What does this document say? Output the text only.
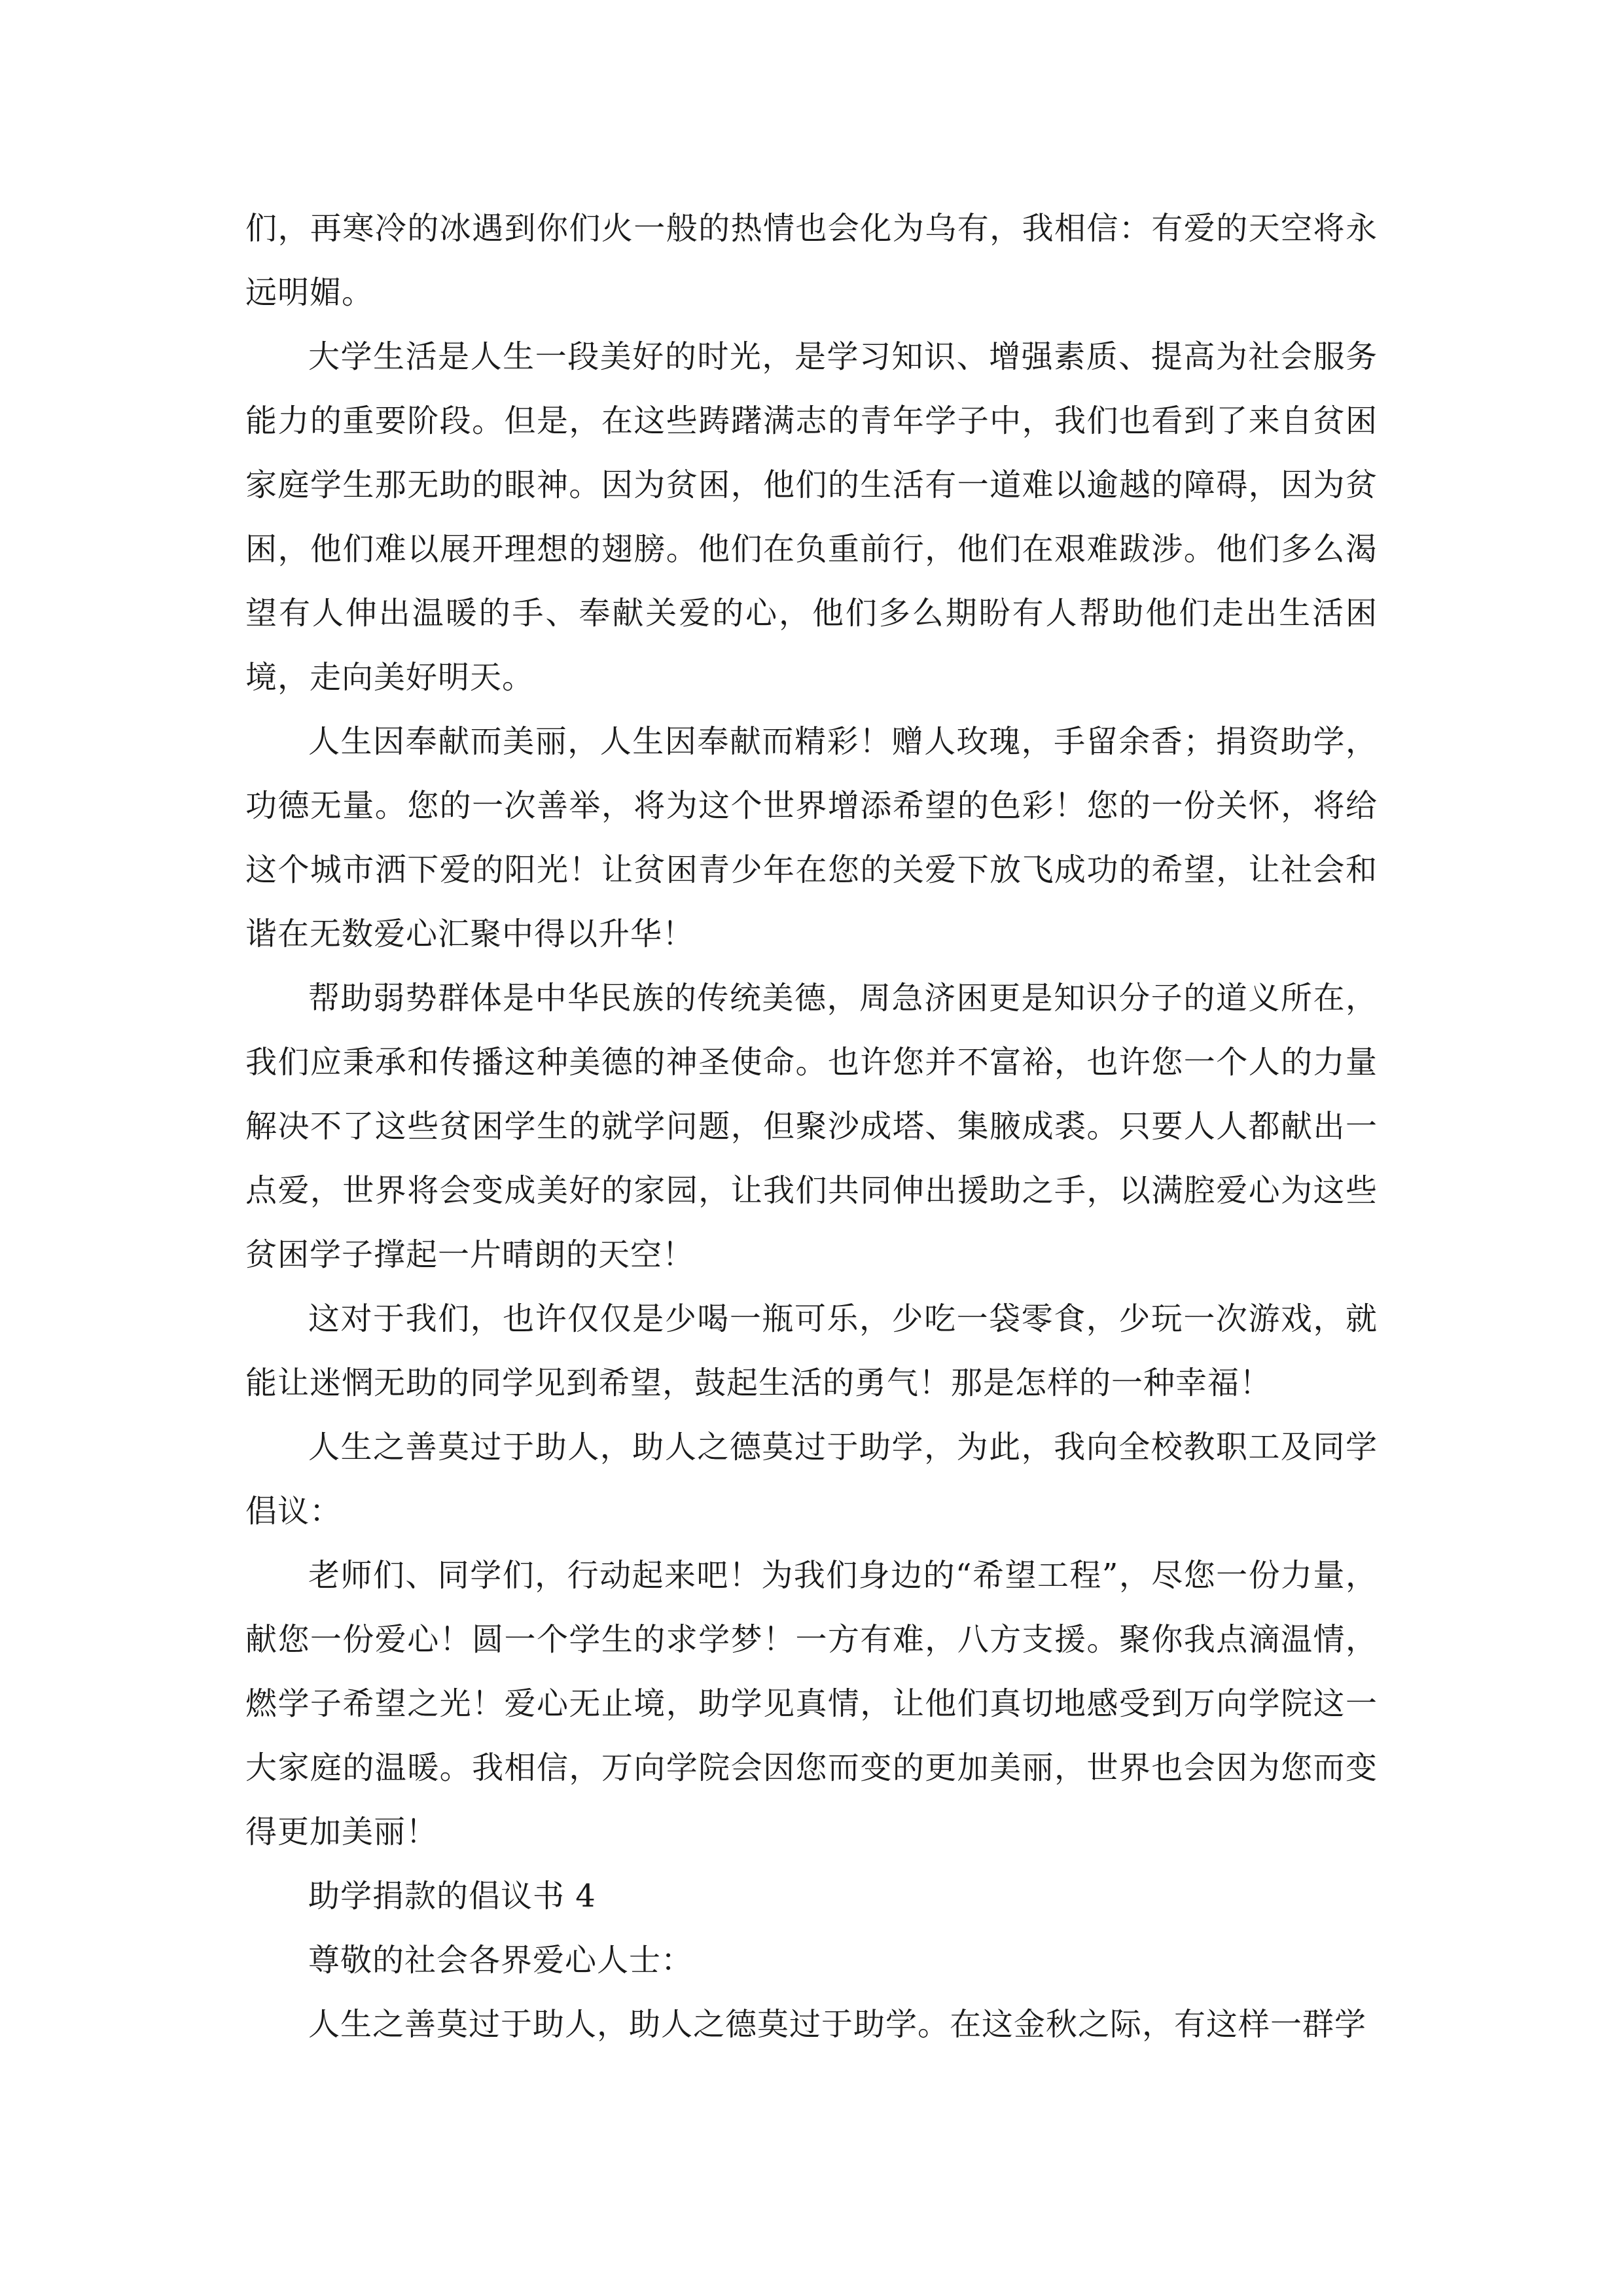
们，再寒冷的冰遇到你们火一般的热情也会化为乌有，我相信：有爱的天空将永远明媚。

大学生活是人生一段美好的时光，是学习知识、增强素质、提高为社会服务能力的重要阶段。但是，在这些踌躇满志的青年学子中，我们也看到了来自贫困家庭学生那无助的眼神。因为贫困，他们的生活有一道难以逾越的障碍，因为贫困，他们难以展开理想的翅膀。他们在负重前行，他们在艰难跋涉。他们多么渴望有人伸出温暖的手、奉献关爱的心，他们多么期盼有人帮助他们走出生活困境，走向美好明天。

人生因奉献而美丽，人生因奉献而精彩！赠人玫瑰，手留余香；捐资助学，功德无量。您的一次善举，将为这个世界增添希望的色彩！您的一份关怀，将给这个城市洒下爱的阳光！让贫困青少年在您的关爱下放飞成功的希望，让社会和谐在无数爱心汇聚中得以升华！

帮助弱势群体是中华民族的传统美德，周急济困更是知识分子的道义所在，我们应秉承和传播这种美德的神圣使命。也许您并不富裕，也许您一个人的力量解决不了这些贫困学生的就学问题，但聚沙成塔、集腋成裘。只要人人都献出一点爱，世界将会变成美好的家园，让我们共同伸出援助之手，以满腔爱心为这些贫困学子撑起一片晴朗的天空！

这对于我们，也许仅仅是少喝一瓶可乐，少吃一袋零食，少玩一次游戏，就能让迷惘无助的同学见到希望，鼓起生活的勇气！那是怎样的一种幸福！

人生之善莫过于助人，助人之德莫过于助学，为此，我向全校教职工及同学倡议：

老师们、同学们，行动起来吧！为我们身边的“希望工程”，尽您一份力量，献您一份爱心！圆一个学生的求学梦！一方有难，八方支援。聚你我点滴温情，燃学子希望之光！爱心无止境，助学见真情，让他们真切地感受到万向学院这一大家庭的温暖。我相信，万向学院会因您而变的更加美丽，世界也会因为您而变得更加美丽！

助学捐款的倡议书 4

尊敬的社会各界爱心人士：

人生之善莫过于助人，助人之德莫过于助学。在这金秋之际，有这样一群学
